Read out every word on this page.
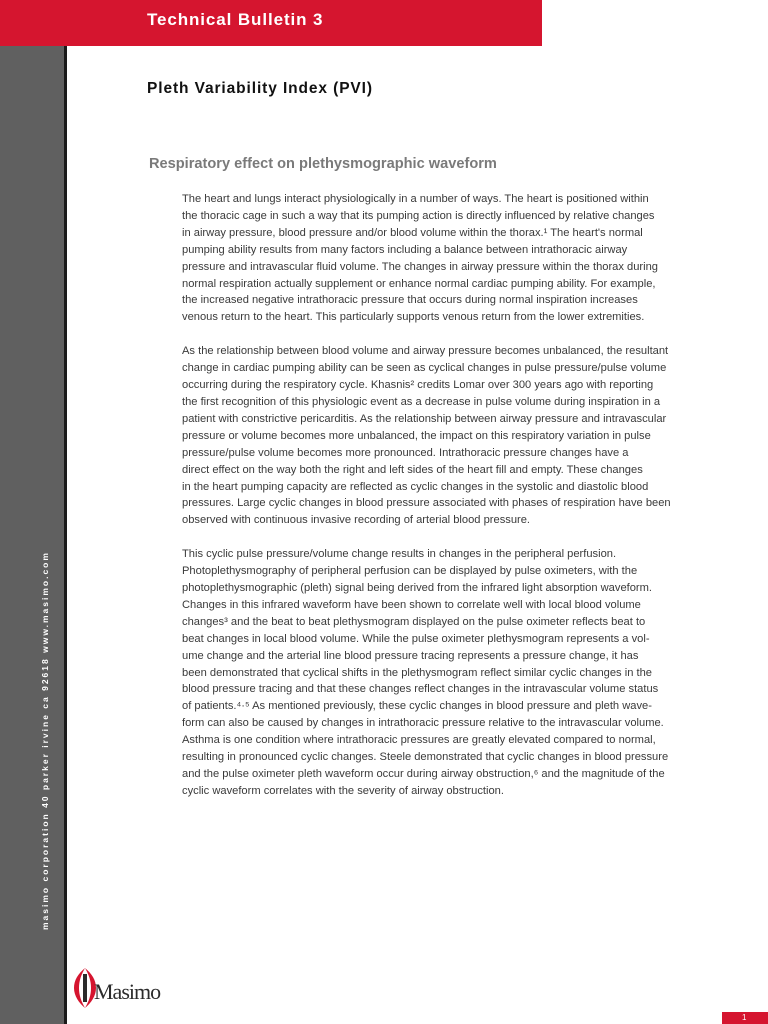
Technical Bulletin 3
Pleth Variability Index (PVI)
Respiratory effect on plethysmographic waveform
The heart and lungs interact physiologically in a number of ways. The heart is positioned within
the thoracic cage in such a way that its pumping action is directly influenced by relative changes
in airway pressure, blood pressure and/or blood volume within the thorax.¹ The heart's normal
pumping ability results from many factors including a balance between intrathoracic airway
pressure and intravascular fluid volume. The changes in airway pressure within the thorax during
normal respiration actually supplement or enhance normal cardiac pumping ability. For example,
the increased negative intrathoracic pressure that occurs during normal inspiration increases
venous return to the heart. This particularly supports venous return from the lower extremities.
As the relationship between blood volume and airway pressure becomes unbalanced, the resultant
change in cardiac pumping ability can be seen as cyclical changes in pulse pressure/pulse volume
occurring during the respiratory cycle. Khasnis² credits Lomar over 300 years ago with reporting
the first recognition of this physiologic event as a decrease in pulse volume during inspiration in a
patient with constrictive pericarditis. As the relationship between airway pressure and intravascular
pressure or volume becomes more unbalanced, the impact on this respiratory variation in pulse
pressure/pulse volume becomes more pronounced. Intrathoracic pressure changes have a
direct effect on the way both the right and left sides of the heart fill and empty. These changes
in the heart pumping capacity are reflected as cyclic changes in the systolic and diastolic blood
pressures. Large cyclic changes in blood pressure associated with phases of respiration have been
observed with continuous invasive recording of arterial blood pressure.
This cyclic pulse pressure/volume change results in changes in the peripheral perfusion.
Photoplethysmography of peripheral perfusion can be displayed by pulse oximeters, with the
photoplethysmographic (pleth) signal being derived from the infrared light absorption waveform.
Changes in this infrared waveform have been shown to correlate well with local blood volume
changes³ and the beat to beat plethysmogram displayed on the pulse oximeter reflects beat to
beat changes in local blood volume. While the pulse oximeter plethysmogram represents a vol-
ume change and the arterial line blood pressure tracing represents a pressure change, it has
been demonstrated that cyclical shifts in the plethysmogram reflect similar cyclic changes in the
blood pressure tracing and that these changes reflect changes in the intravascular volume status
of patients.⁴·⁵ As mentioned previously, these cyclic changes in blood pressure and pleth wave-
form can also be caused by changes in intrathoracic pressure relative to the intravascular volume.
Asthma is one condition where intrathoracic pressures are greatly elevated compared to normal,
resulting in pronounced cyclic changes. Steele demonstrated that cyclic changes in blood pressure
and the pulse oximeter pleth waveform occur during airway obstruction,⁶ and the magnitude of the
cyclic waveform correlates with the severity of airway obstruction.
masimo corporation 40 parker irvine ca 92618 www.masimo.com
Masimo
1
